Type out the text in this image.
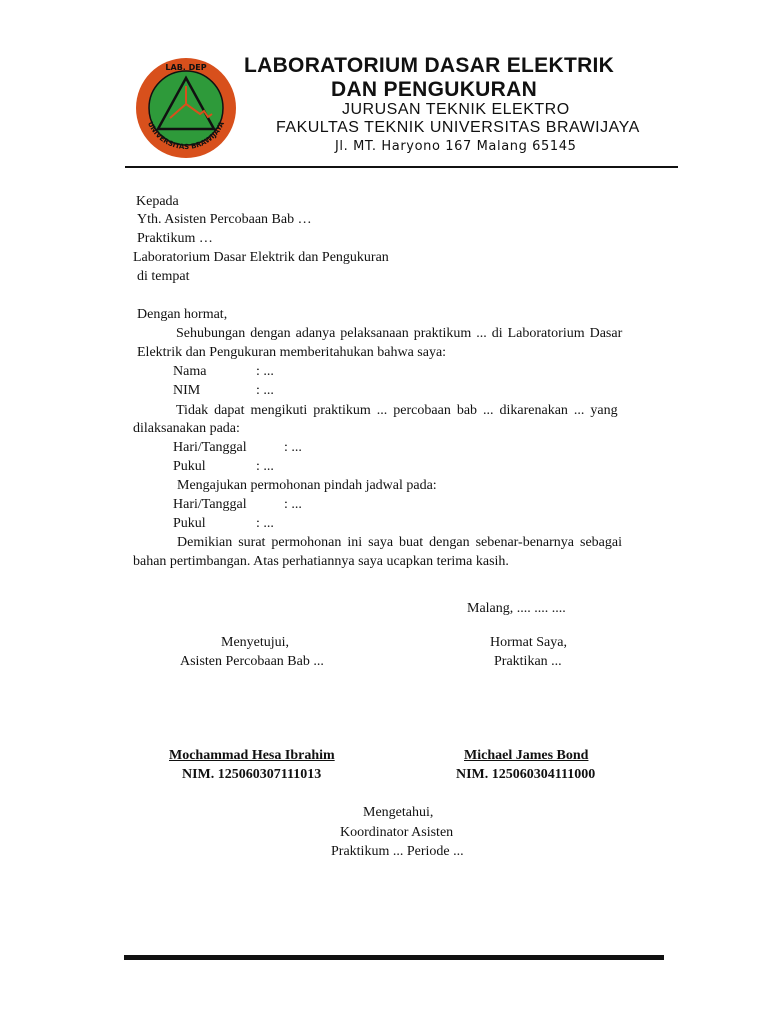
LAB. DEP
UNIVERSITAS BRAWIJAYA
LABORATORIUM DASAR ELEKTRIK
DAN PENGUKURAN
JURUSAN TEKNIK ELEKTRO
FAKULTAS TEKNIK UNIVERSITAS BRAWIJAYA
Jl. MT. Haryono 167 Malang 65145
Kepada
Yth. Asisten Percobaan Bab …
Praktikum …
Laboratorium Dasar Elektrik dan Pengukuran
di tempat
Dengan hormat,
Sehubungan dengan adanya pelaksanaan praktikum ... di Laboratorium Dasar
Elektrik dan Pengukuran memberitahukan bahwa saya:
Nama	: ...
NIM	: ...
Tidak dapat mengikuti praktikum ... percobaan bab ... dikarenakan ... yang
dilaksanakan pada:
Hari/Tanggal	: ...
Pukul	: ...
Mengajukan permohonan pindah jadwal pada:
Hari/Tanggal	: ...
Pukul	: ...
Demikian surat permohonan ini saya buat dengan sebenar-benarnya sebagai
bahan pertimbangan. Atas perhatiannya saya ucapkan terima kasih.
Malang, .... .... ....
Menyetujui,
Asisten Percobaan Bab ...
Hormat Saya,
Praktikan ...
Mochammad Hesa Ibrahim
NIM. 125060307111013
Michael James Bond
NIM. 125060304111000
Mengetahui,
Koordinator Asisten
Praktikum ... Periode ...
